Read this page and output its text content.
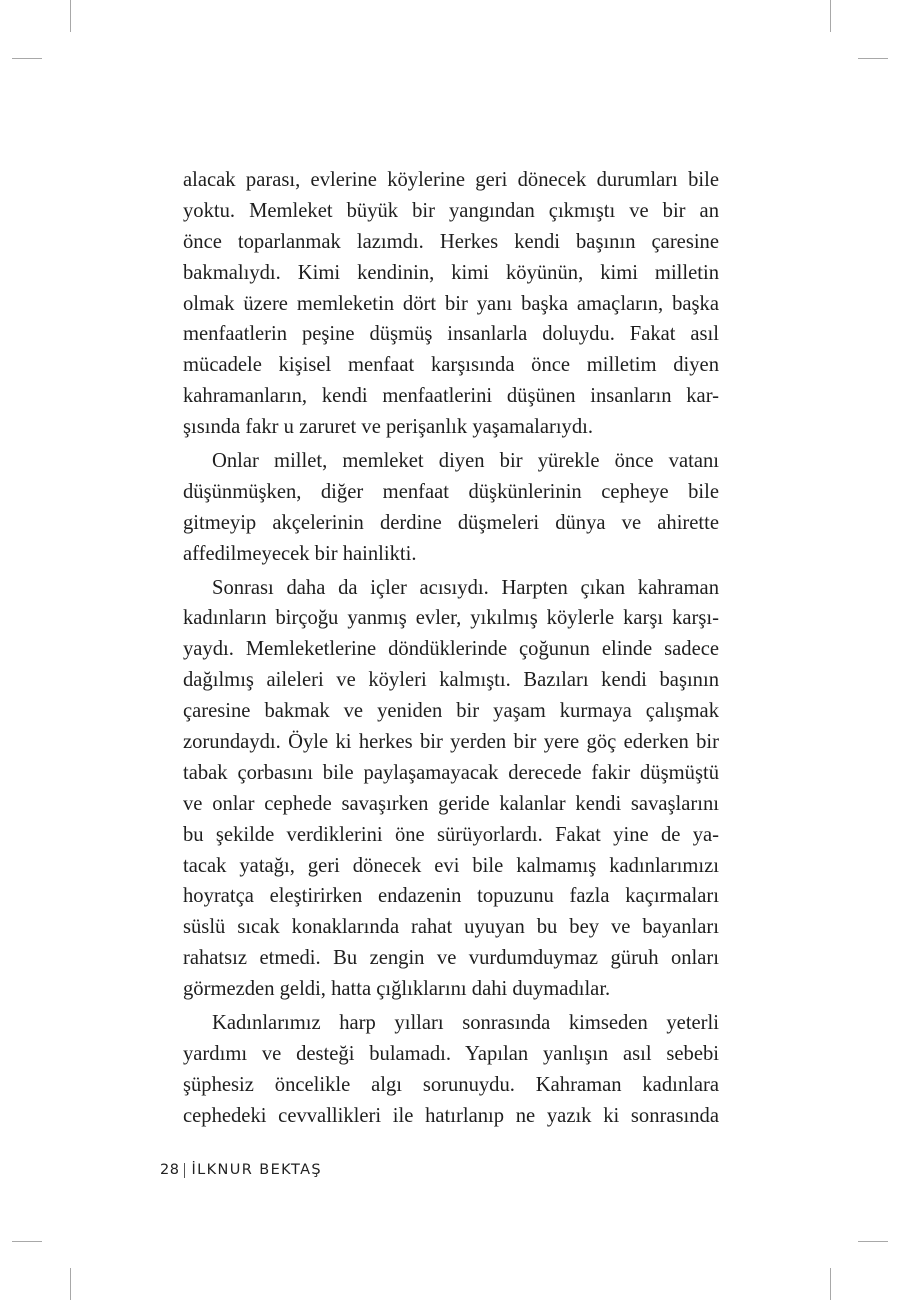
alacak parası, evlerine köylerine geri dönecek durumları bile
yoktu. Memleket büyük bir yangından çıkmıştı ve bir an
önce toparlanmak lazımdı. Herkes kendi başının çaresine
bakmalıydı. Kimi kendinin, kimi köyünün, kimi milletin
olmak üzere memleketin dört bir yanı başka amaçların, başka
menfaatlerin peşine düşmüş insanlarla doluydu. Fakat asıl
mücadele kişisel menfaat karşısında önce milletim diyen
kahramanların, kendi menfaatlerini düşünen insanların kar-
şısında fakr u zaruret ve perişanlık yaşamalarıydı.
Onlar millet, memleket diyen bir yürekle önce vatanı
düşünmüşken, diğer menfaat düşkünlerinin cepheye bile
gitmeyip akçelerinin derdine düşmeleri dünya ve ahirette
affedilmeyecek bir hainlikti.
Sonrası daha da içler acısıydı. Harpten çıkan kahraman
kadınların birçoğu yanmış evler, yıkılmış köylerle karşı karşı-
yaydı. Memleketlerine döndüklerinde çoğunun elinde sadece
dağılmış aileleri ve köyleri kalmıştı. Bazıları kendi başının
çaresine bakmak ve yeniden bir yaşam kurmaya çalışmak
zorundaydı. Öyle ki herkes bir yerden bir yere göç ederken bir
tabak çorbasını bile paylaşamayacak derecede fakir düşmüştü
ve onlar cephede savaşırken geride kalanlar kendi savaşlarını
bu şekilde verdiklerini öne sürüyorlardı. Fakat yine de ya-
tacak yatağı, geri dönecek evi bile kalmamış kadınlarımızı
hoyratça eleştirirken endazenin topuzunu fazla kaçırmaları
süslü sıcak konaklarında rahat uyuyan bu bey ve bayanları
rahatsız etmedi. Bu zengin ve vurdumduymaz güruh onları
görmezden geldi, hatta çığlıklarını dahi duymadılar.
Kadınlarımız harp yılları sonrasında kimseden yeterli
yardımı ve desteği bulamadı. Yapılan yanlışın asıl sebebi
şüphesiz öncelikle algı sorunuydu. Kahraman kadınlara
cephedeki cevvallikleri ile hatırlanıp ne yazık ki sonrasında
28 İLKNUR BEKTAŞ
